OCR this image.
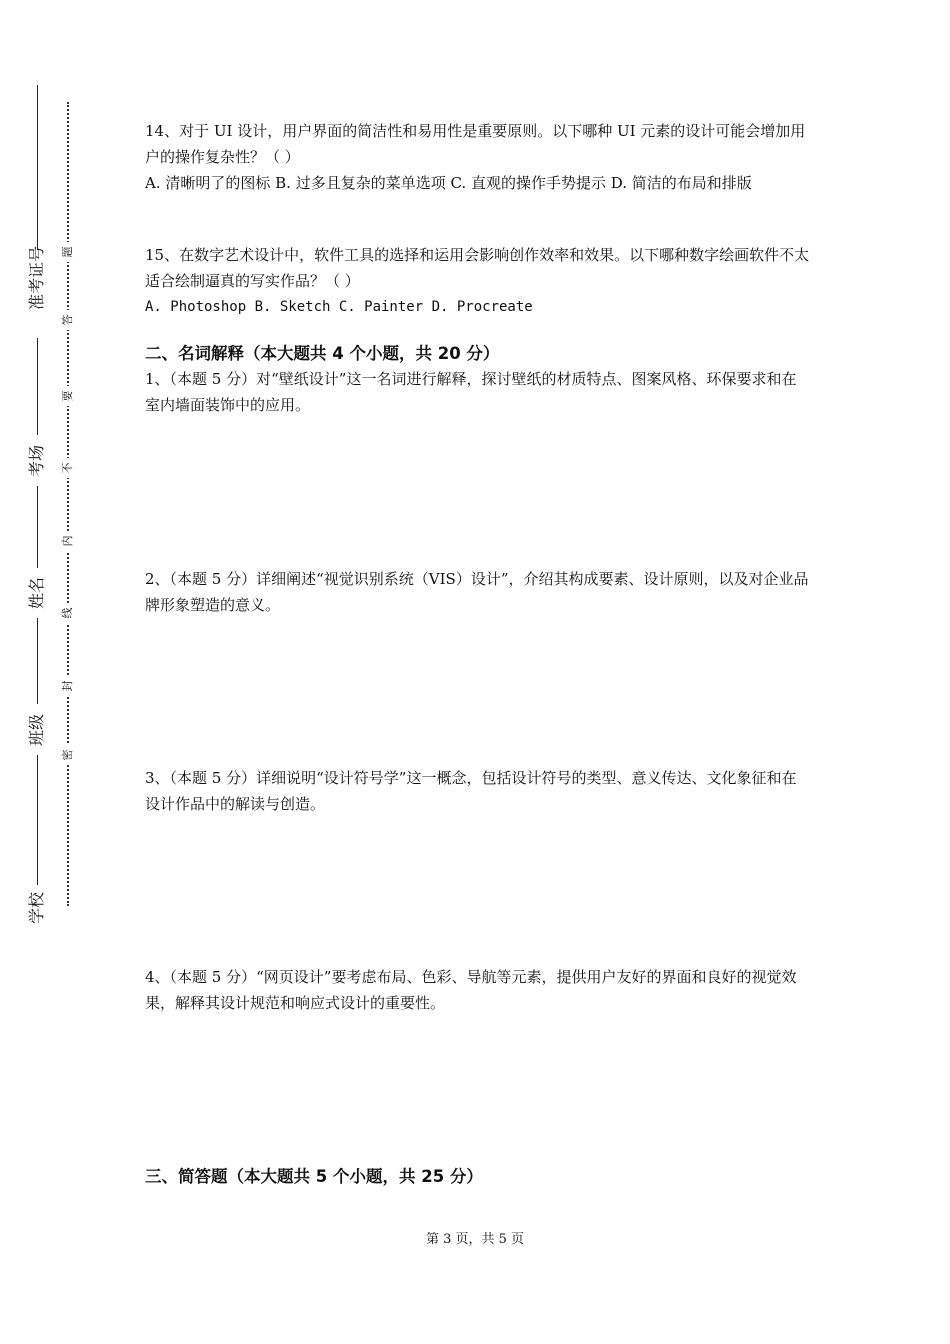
准考证号
考场
姓名
班级
学校
题
答
要
不
内
线
封
密

14、对于 UI 设计，用户界面的简洁性和易用性是重要原则。以下哪种 UI 元素的设计可能会增加用户的操作复杂性？（ ）

A. 清晰明了的图标 B. 过多且复杂的菜单选项 C. 直观的操作手势提示 D. 简洁的布局和排版

15、在数字艺术设计中，软件工具的选择和运用会影响创作效率和效果。以下哪种数字绘画软件不太适合绘制逼真的写实作品？（ ）

A. Photoshop B. Sketch C. Painter D. Procreate

二、名词解释（本大题共 4 个小题，共 20 分）

1、（本题 5 分）对“壁纸设计”这一名词进行解释，探讨壁纸的材质特点、图案风格、环保要求和在室内墙面装饰中的应用。

2、（本题 5 分）详细阐述“视觉识别系统（VIS）设计”，介绍其构成要素、设计原则，以及对企业品牌形象塑造的意义。

3、（本题 5 分）详细说明“设计符号学”这一概念，包括设计符号的类型、意义传达、文化象征和在设计作品中的解读与创造。

4、（本题 5 分）“网页设计”要考虑布局、色彩、导航等元素，提供用户友好的界面和良好的视觉效果，解释其设计规范和响应式设计的重要性。

三、简答题（本大题共 5 个小题，共 25 分）
第 3 页，共 5 页
